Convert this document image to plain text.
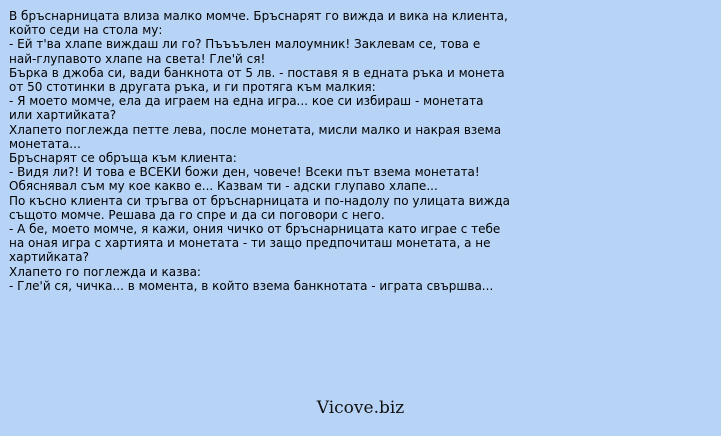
В бръснарницата влиза малко момче. Бръснарят го вижда и вика на клиента,
който седи на стола му:
- Ей т'ва хлапе виждаш ли го? Пъъъълен малоумник! Заклевам се, това е
най-глупавото хлапе на света! Гле'й ся!
Бърка в джоба си, вади банкнота от 5 лв. - поставя я в едната ръка и монета
от 50 стотинки в другата ръка, и ги протяга към малкия:
- Я моето момче, ела да играем на една игра... кое си избираш - монетата
или хартийката?
Хлапето поглежда петте лева, после монетата, мисли малко и накрая взема
монетата...
Бръснарят се обръща към клиента:
- Видя ли?! И това е ВСЕКИ божи ден, човече! Всеки път взема монетата!
Обяснявал съм му кое какво е... Казвам ти - адски глупаво хлапе...
По късно клиента си тръгва от бръснарницата и по-надолу по улицата вижда
същото момче. Решава да го спре и да си поговори с него.
- А бе, моето момче, я кажи, ония чичко от бръснарницата като играе с тебе
на оная игра с хартията и монетата - ти защо предпочиташ монетата, а не
хартийката?
Хлапето го поглежда и казва:
- Гле'й ся, чичка... в момента, в който взема банкнотата - играта свършва...
Vicove.biz
